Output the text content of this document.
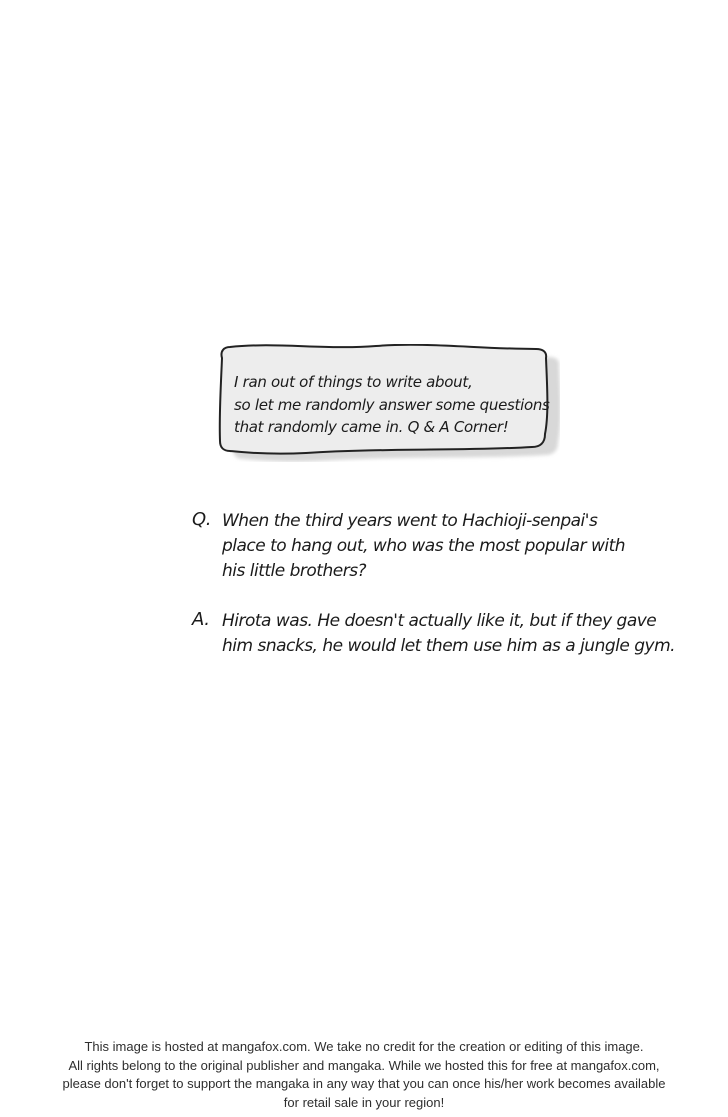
I ran out of things to write about,
so let me randomly answer some questions
that randomly came in. Q & A Corner!
Q. When the third years went to Hachioji-senpai's
place to hang out, who was the most popular with
his little brothers?
A. Hirota was. He doesn't actually like it, but if they gave
him snacks, he would let them use him as a jungle gym.
This image is hosted at mangafox.com. We take no credit for the creation or editing of this image.
All rights belong to the original publisher and mangaka. While we hosted this for free at mangafox.com,
please don't forget to support the mangaka in any way that you can once his/her work becomes available
for retail sale in your region!
